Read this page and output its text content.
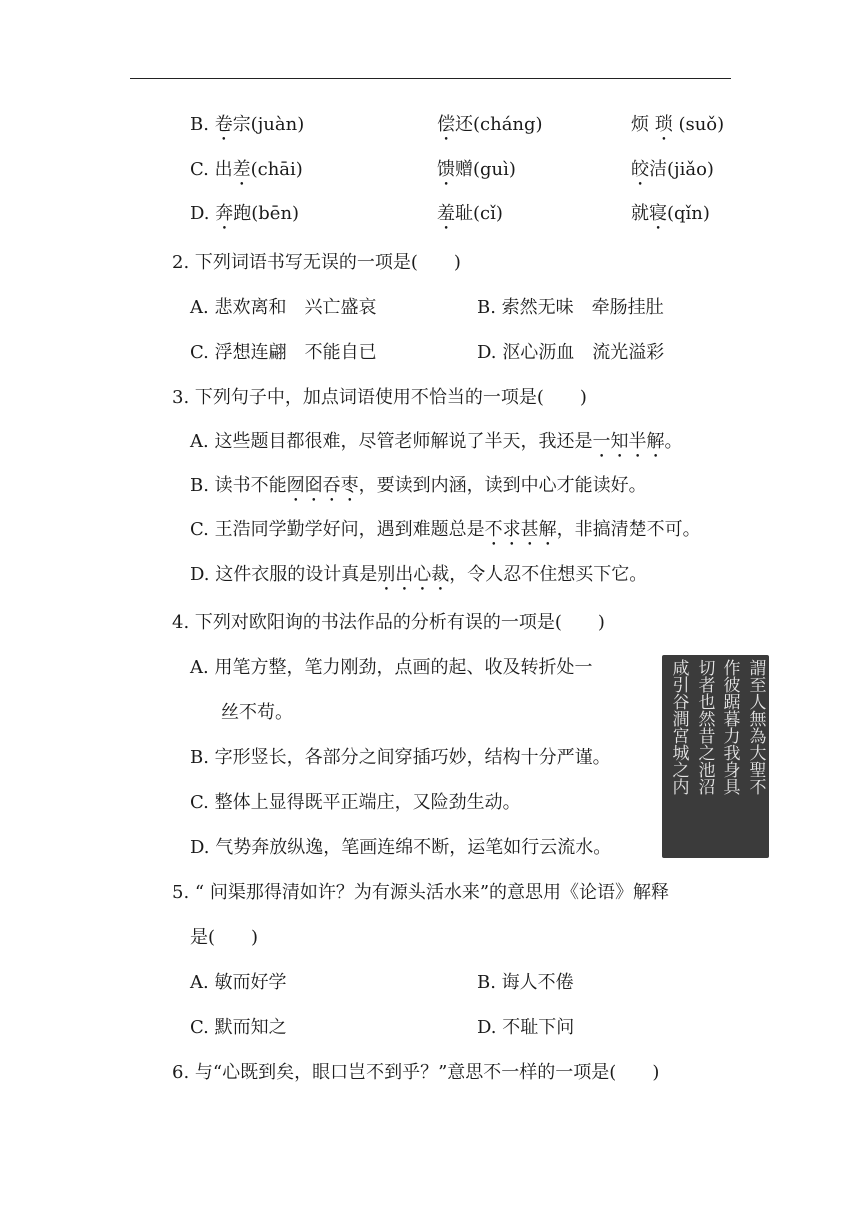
B. 卷宗(juàn)	偿还(cháng)	烦 琐 (suǒ)
C. 出差(chāi)	馈赠(guì)	皎洁(jiǎo)
D. 奔跑(bēn)	羞耻(cǐ)	就寝(qǐn)
2. 下列词语书写无误的一项是(　　)
A. 悲欢离和　兴亡盛哀	B. 索然无味　牵肠挂肚
C. 浮想连翩　不能自已	D. 沤心沥血　流光溢彩
3. 下列句子中，加点词语使用不恰当的一项是(　　)
A. 这些题目都很难，尽管老师解说了半天，我还是一知半解。
B. 读书不能囫囵吞枣，要读到内涵，读到中心才能读好。
C. 王浩同学勤学好问，遇到难题总是不求甚解，非搞清楚不可。
D. 这件衣服的设计真是别出心裁，令人忍不住想买下它。
4. 下列对欧阳询的书法作品的分析有误的一项是(　　)
A. 用笔方整，笔力刚劲，点画的起、收及转折处一
丝不苟。
B. 字形竖长，各部分之间穿插巧妙，结构十分严谨。
C. 整体上显得既平正端庄，又险劲生动。
D. 气势奔放纵逸，笔画连绵不断，运笔如行云流水。
謂至人無為大聖不
作彼踞暮力我身具
切者也然昔之池沼
咸引谷澗宮城之内
5. “ 问渠那得清如许？为有源头活水来”的意思用《论语》解释
是(　　)
A. 敏而好学	B. 诲人不倦
C. 默而知之	D. 不耻下问
6. 与“心既到矣，眼口岂不到乎？”意思不一样的一项是(　　)
